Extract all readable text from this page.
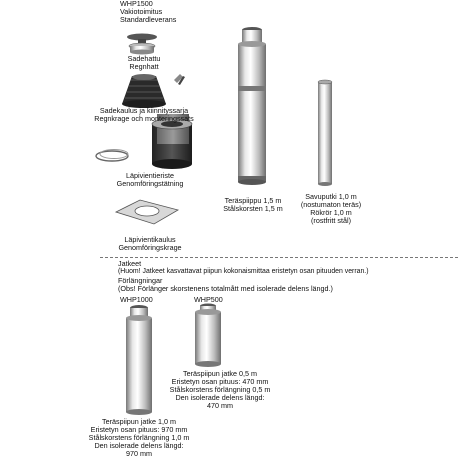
WHP1500
Vakiotoimitus
Standardleverans
Sadehattu
Regnhatt
Sadekaulus ja kiinnityssarja
Regnkrage och monteringssats
Läpivientieriste
Genomföringstätning
Läpivientikaulus
Genomföringskrage
Teräspiippu 1,5 m
Stålskorsten 1,5 m
Savuputki 1,0 m
(nostumaton teräs)
Rökrör 1,0 m
(rostfritt stål)
Jatkeet
(Huom! Jatkeet kasvattavat piipun kokonaismittaa eristetyn osan pituuden verran.)
Förlängningar
(Obs! Förlänger skorstenens totalmått med isolerade delens längd.)
WHP1000	WHP500
Teräspiipun jatke 0,5 m
Eristetyn osan pituus: 470 mm
Stålskorstens förlängning 0,5 m
Den isolerade delens längd:
470 mm
Teräspiipun jatke 1,0 m
Eristetyn osan pituus: 970 mm
Stålskorstens förlängning 1,0 m
Den isolerade delens längd:
970 mm
